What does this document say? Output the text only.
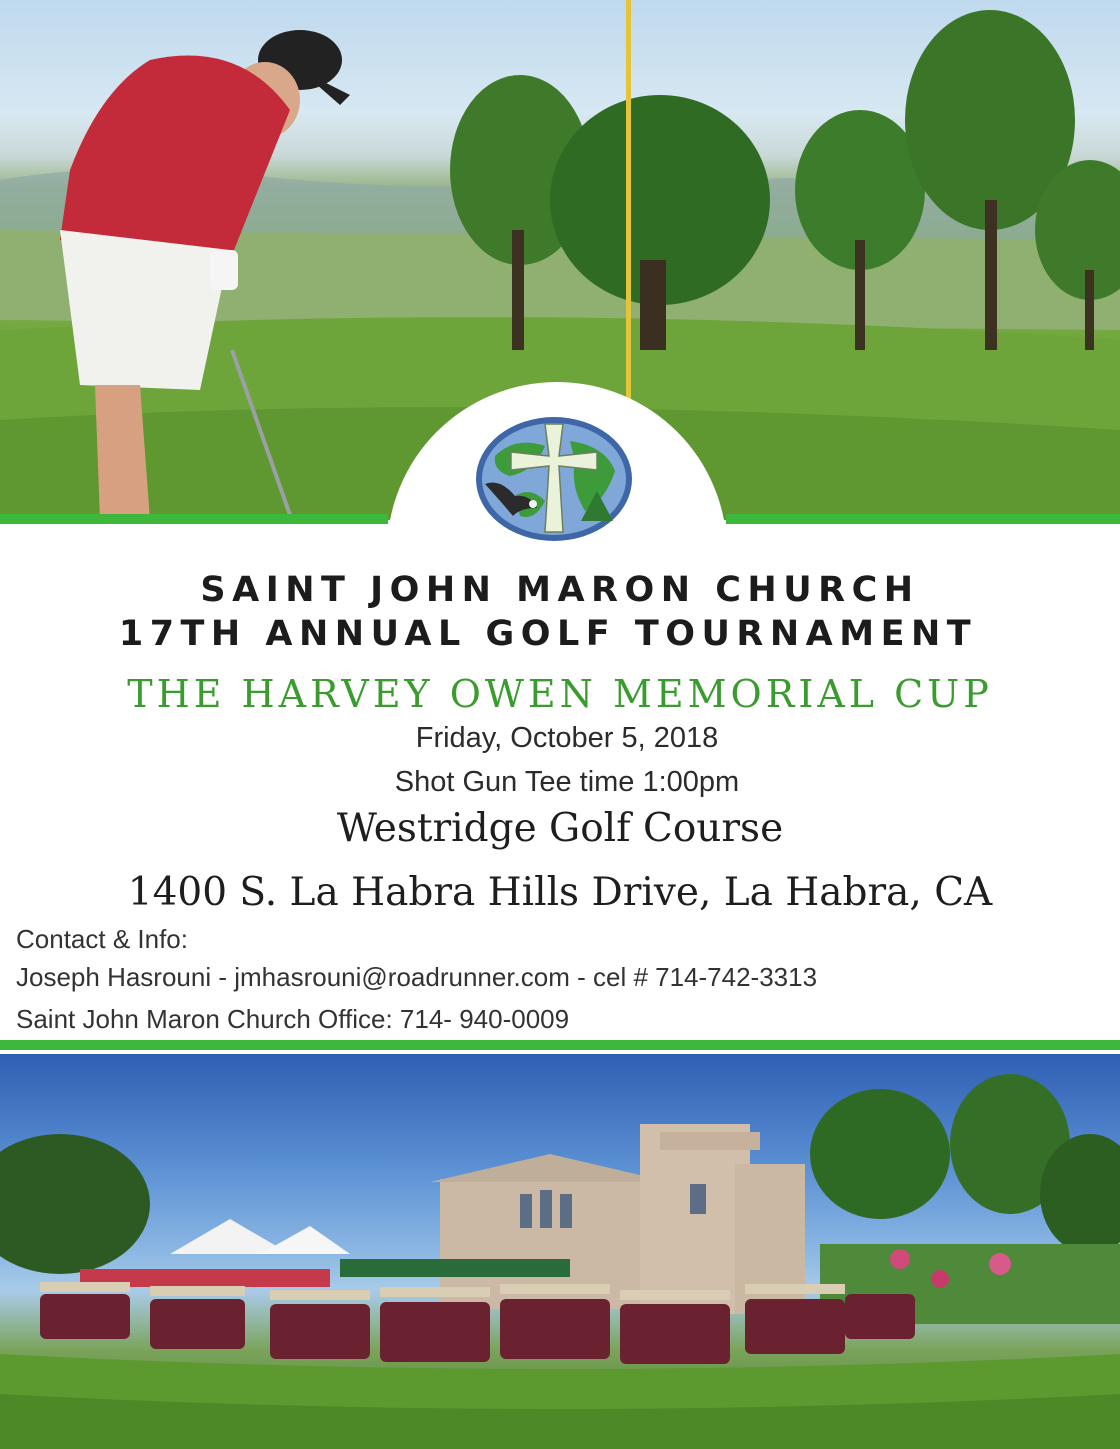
SAINT JOHN MARON CHURCH
17TH ANNUAL GOLF TOURNAMENT
THE HARVEY OWEN MEMORIAL CUP
Friday, October 5, 2018
Shot Gun Tee time 1:00pm
Westridge Golf Course
1400 S. La Habra Hills Drive, La Habra, CA
Contact & Info:
Joseph Hasrouni - jmhasrouni@roadrunner.com - cel # 714-742-3313
Saint John Maron Church Office: 714- 940-0009
